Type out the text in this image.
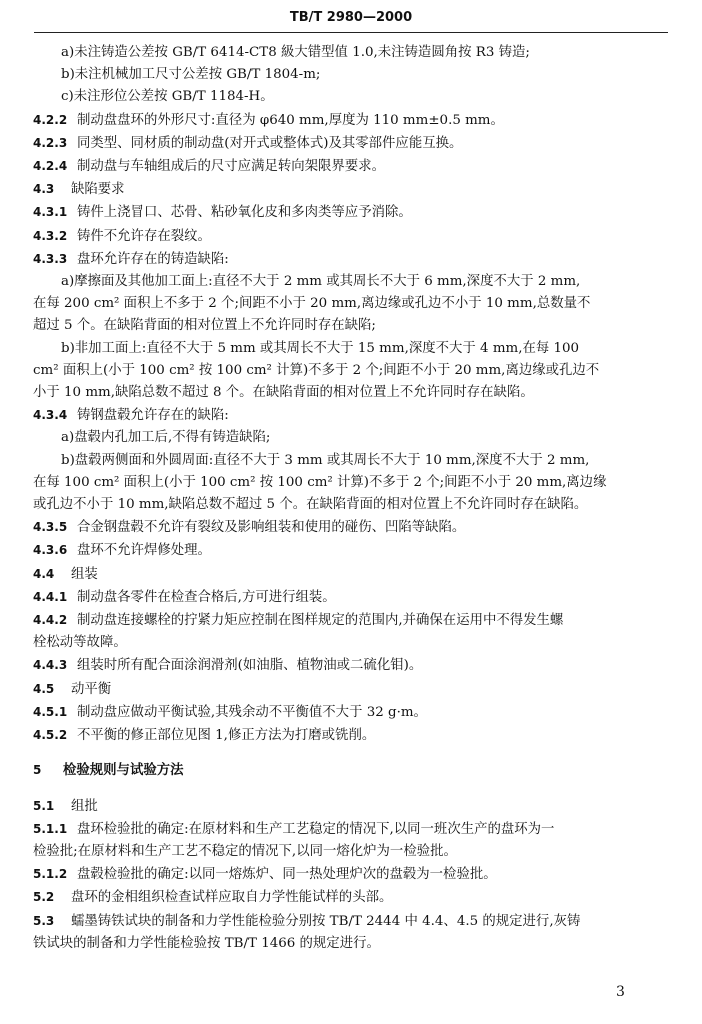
TB/T 2980—2000
a)未注铸造公差按 GB/T 6414-CT8 級大错型值 1.0,未注铸造圆角按 R3 铸造;
b)未注机械加工尺寸公差按 GB/T 1804-m;
c)未注形位公差按 GB/T 1184-H。
4.2.2 制动盘盘环的外形尺寸:直径为 φ640 mm,厚度为 110 mm±0.5 mm。
4.2.3 同类型、同材质的制动盘(对开式或整体式)及其零部件应能互换。
4.2.4 制动盘与车轴组成后的尺寸应满足转向架限界要求。
4.3 缺陷要求
4.3.1 铸件上浇冒口、芯骨、粘砂氧化皮和多肉类等应予消除。
4.3.2 铸件不允许存在裂纹。
4.3.3 盘环允许存在的铸造缺陷:
a)摩擦面及其他加工面上:直径不大于 2 mm 或其周长不大于 6 mm,深度不大于 2 mm,
在每 200 cm² 面积上不多于 2 个;间距不小于 20 mm,离边缘或孔边不小于 10 mm,总数量不
超过 5 个。在缺陷背面的相对位置上不允许同时存在缺陷;
b)非加工面上:直径不大于 5 mm 或其周长不大于 15 mm,深度不大于 4 mm,在每 100
cm² 面积上(小于 100 cm² 按 100 cm² 计算)不多于 2 个;间距不小于 20 mm,离边缘或孔边不
小于 10 mm,缺陷总数不超过 8 个。在缺陷背面的相对位置上不允许同时存在缺陷。
4.3.4 铸钢盘毂允许存在的缺陷:
a)盘毂内孔加工后,不得有铸造缺陷;
b)盘毂两侧面和外圆周面:直径不大于 3 mm 或其周长不大于 10 mm,深度不大于 2 mm,
在每 100 cm² 面积上(小于 100 cm² 按 100 cm² 计算)不多于 2 个;间距不小于 20 mm,离边缘
或孔边不小于 10 mm,缺陷总数不超过 5 个。在缺陷背面的相对位置上不允许同时存在缺陷。
4.3.5 合金钢盘毂不允许有裂纹及影响组装和使用的碰伤、凹陷等缺陷。
4.3.6 盘环不允许焊修处理。
4.4 组装
4.4.1 制动盘各零件在检查合格后,方可进行组装。
4.4.2 制动盘连接螺栓的拧紧力矩应控制在图样规定的范围内,并确保在运用中不得发生螺
栓松动等故障。
4.4.3 组装时所有配合面涂润滑剂(如油脂、植物油或二硫化钼)。
4.5 动平衡
4.5.1 制动盘应做动平衡试验,其残余动不平衡值不大于 32 g·m。
4.5.2 不平衡的修正部位见图 1,修正方法为打磨或铣削。
5 检验规则与试验方法
5.1 组批
5.1.1 盘环检验批的确定:在原材料和生产工艺稳定的情况下,以同一班次生产的盘环为一
检验批;在原材料和生产工艺不稳定的情况下,以同一熔化炉为一检验批。
5.1.2 盘毂检验批的确定:以同一熔炼炉、同一热处理炉次的盘毂为一检验批。
5.2 盘环的金相组织检查试样应取自力学性能试样的头部。
5.3 蠕墨铸铁试块的制备和力学性能检验分别按 TB/T 2444 中 4.4、4.5 的规定进行,灰铸
铁试块的制备和力学性能检验按 TB/T 1466 的规定进行。
3
